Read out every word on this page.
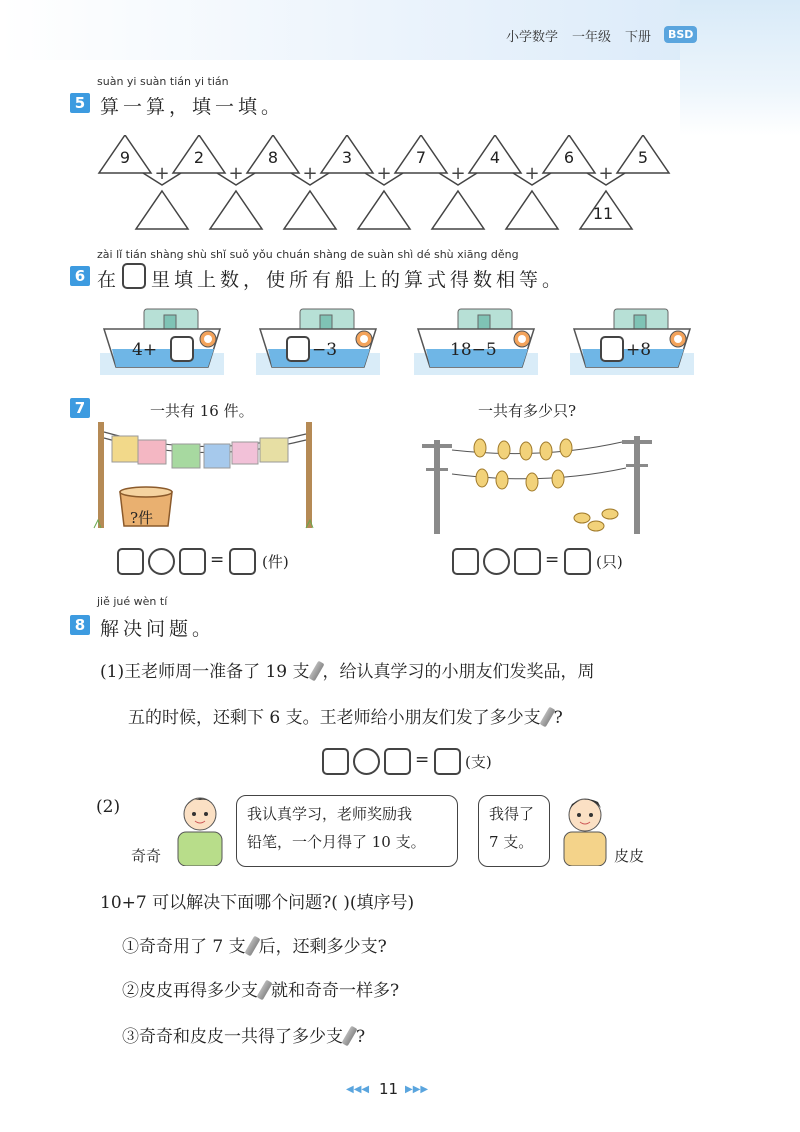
小学数学 一年级 下册	BSD
suàn yi suàn tián yi tián
5 算一算，填一填。
9	2	8	3	7	4	6	5
+	+	+	+	+	+	+
11
zài lǐ tián shàng shù shǐ suǒ yǒu chuán shàng de suàn shì dé shù xiāng děng
6 在 里填上数，使所有船上的算式得数相等。
4+	−3	18−5	+8
7	一共有 16 件。	一共有多少只?
?件
=	=
(件)	(只)
jiě jué wèn tí
8 解决问题。
(1)王老师周一准备了 19 支 ，给认真学习的小朋友们发奖品，周
五的时候，还剩下 6 支。王老师给小朋友们发了多少支 ?
= (支)
(2)
奇奇
我认真学习，老师奖励我
铅笔，一个月得了 10 支。
我得了
7 支。
皮皮
10+7 可以解决下面哪个问题?( )(填序号)
①奇奇用了 7 支 后，还剩多少支?
②皮皮再得多少支 就和奇奇一样多?
③奇奇和皮皮一共得了多少支 ?
◀◀◀ 11 ▶▶▶
